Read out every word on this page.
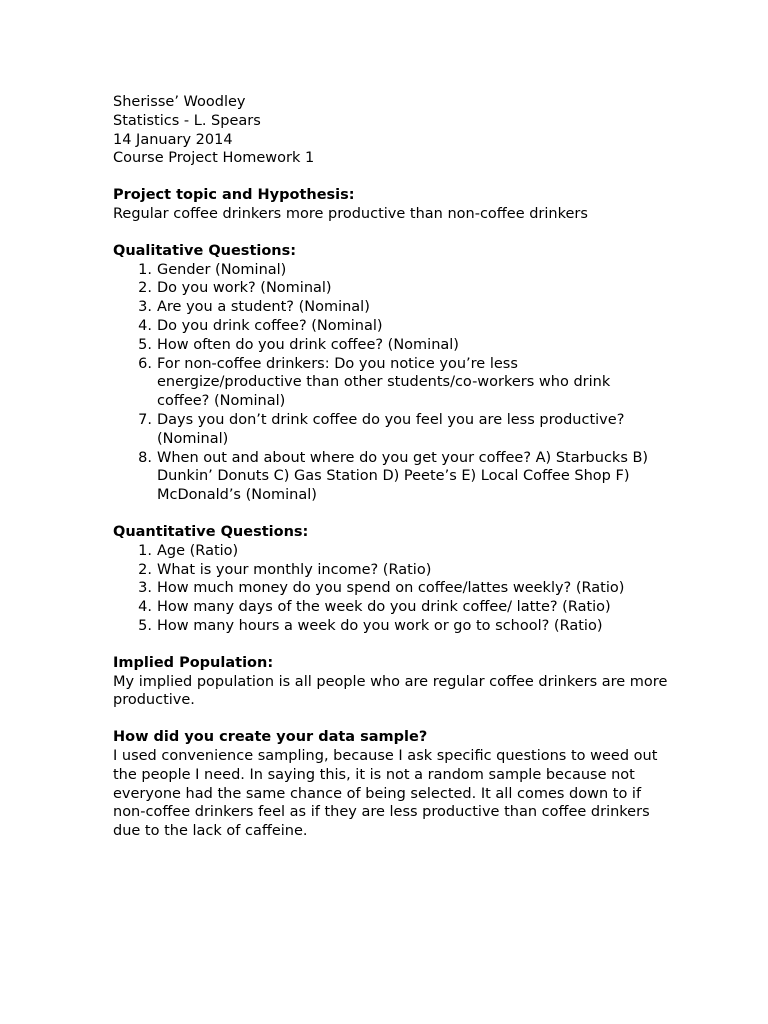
Sherisse’ Woodley
Statistics - L. Spears
14 January 2014
Course Project Homework 1
Project topic and Hypothesis:
Regular coffee drinkers more productive than non-coffee drinkers
Qualitative Questions:
1. Gender (Nominal)
2. Do you work? (Nominal)
3. Are you a student? (Nominal)
4. Do you drink coffee? (Nominal)
5. How often do you drink coffee? (Nominal)
6. For non-coffee drinkers: Do you notice you’re less energize/productive than other students/co-workers who drink coffee? (Nominal)
7. Days you don’t drink coffee do you feel you are less productive? (Nominal)
8. When out and about where do you get your coffee? A) Starbucks B) Dunkin’ Donuts C) Gas Station D) Peete’s E) Local Coffee Shop F) McDonald’s (Nominal)
Quantitative Questions:
1. Age (Ratio)
2. What is your monthly income? (Ratio)
3. How much money do you spend on coffee/lattes weekly? (Ratio)
4. How many days of the week do you drink coffee/ latte? (Ratio)
5. How many hours a week do you work or go to school? (Ratio)
Implied Population:
My implied population is all people who are regular coffee drinkers are more productive.
How did you create your data sample?
I used convenience sampling, because I ask specific questions to weed out the people I need. In saying this, it is not a random sample because not everyone had the same chance of being selected. It all comes down to if non-coffee drinkers feel as if they are less productive than coffee drinkers due to the lack of caffeine.
